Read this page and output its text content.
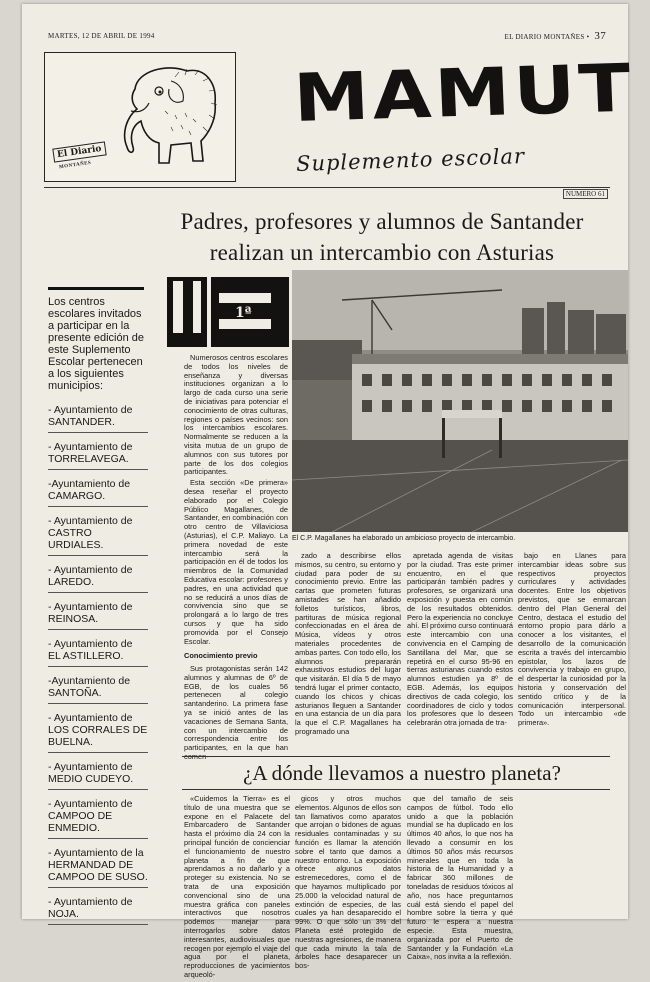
MARTES, 12 DE ABRIL DE 1994	EL DIARIO MONTAÑES • 37
El Diario
MONTAÑES
MAMUT
Suplemento escolar
NUMERO 61
Padres, profesores y alumnos de Santander
realizan un intercambio con Asturias
Los centros escolares invitados a participar en la presente edición de este Suplemento Escolar pertenecen a los siguientes municipios:
- Ayuntamiento de SANTANDER.
- Ayuntamiento de TORRELAVEGA.
-Ayuntamiento de CAMARGO.
- Ayuntamiento de CASTRO URDIALES.
- Ayuntamiento de LAREDO.
- Ayuntamiento de REINOSA.
- Ayuntamiento de EL ASTILLERO.
-Ayuntamiento de SANTOÑA.
- Ayuntamiento de LOS CORRALES DE BUELNA.
- Ayuntamiento de MEDIO CUDEYO.
- Ayuntamiento de CAMPOO DE ENMEDIO.
- Ayuntamiento de la HERMANDAD DE CAMPOO DE SUSO.
- Ayuntamiento de NOJA.
1ª
El C.P. Magallanes ha elaborado un ambicioso proyecto de intercambio.

Numerosos centros escolares de todos los niveles de enseñanza y diversas instituciones organizan a lo largo de cada curso una serie de iniciativas para potenciar el conocimiento de otras culturas, regiones o países vecinos: son los intercambios escolares. Normalmente se reducen a la visita mutua de un grupo de alumnos con sus tutores por parte de los dos colegios participantes.

Esta sección «De primera» desea reseñar el proyecto elaborado por el Colegio Público Magallanes, de Santander, en combinación con otro centro de Villaviciosa (Asturias), el C.P. Maliayo. La primera novedad de este intercambio será la participación en él de todos los miembros de la Comunidad Educativa escolar: profesores y padres, en una actividad que no se reducirá a unos días de convivencia sino que se prolongará a lo largo de tres cursos y que ha sido promovida por el Consejo Escolar.

Conocimiento previo

Sus protagonistas serán 142 alumnos y alumnas de 6º de EGB, de los cuales 56 pertenecen al colegio santanderino. La primera fase ya se inició antes de las vacaciones de Semana Santa, con un intercambio de correspondencia entre los participantes, en la que han comen-

zado a describirse ellos mismos, su centro, su entorno y ciudad para poder de su conocimiento previo. Entre las cartas que prometen futuras amistades se han añadido folletos turísticos, libros, partituras de música regional confeccionadas en el área de Música, vídeos y otros materiales procedentes de ambas partes. Con todo ello, los alumnos prepararán exhaustivos estudios del lugar que visitarán. El día 5 de mayo tendrá lugar el primer contacto, cuando los chicos y chicas asturianos lleguen a Santander en una estancia de un día para la que el C.P. Magallanes ha programado una

apretada agenda de visitas por la ciudad. Tras este primer encuentro, en el que participarán también padres y profesores, se organizará una exposición y puesta en común de los resultados obtenidos. Pero la experiencia no concluye ahí. El próximo curso continuará este intercambio con una convivencia en el Camping de Santillana del Mar, que se repetirá en el curso 95-96 en tierras asturianas cuando estos alumnos estudien ya 8º de EGB. Además, los equipos directivos de cada colegio, los coordinadores de ciclo y todos los profesores que lo deseen celebrarán otra jornada de tra-

bajo en Llanes para intercambiar ideas sobre sus respectivos proyectos curriculares y actividades docentes. Entre los objetivos previstos, que se enmarcan dentro del Plan General del Centro, destaca el estudio del entorno propio para dárlo a conocer a los visitantes, el desarrollo de la comunicación escrita a través del intercambio epistolar, los lazos de convivencia y trabajo en grupo, el despertar la curiosidad por la historia y conservación del sentido crítico y de la comunicación interpersonal. Todo un intercambio «de primera».

¿A dónde llevamos a nuestro planeta?

«Cuidemos la Tierra» es el título de una muestra que se expone en el Palacete del Embarcadero de Santander hasta el próximo día 24 con la principal función de concienciar el funcionamiento de nuestro planeta a fin de que aprendamos a no dañarlo y a proteger su existencia. No se trata de una exposición convencional sino de una muestra gráfica con paneles interactivos que nosotros podemos manejar para interrogarlos sobre datos interesantes, audiovisuales que recogen por ejemplo el viaje del agua por el planeta, reproducciones de yacimientos arqueoló-

gicos y otros muchos elementos. Algunos de ellos son tan llamativos como aparatos que arrojan o bidones de aguas residuales contaminadas y su función es llamar la atención sobre el tanto que damos a nuestro entorno. La exposición ofrece algunos datos estremecedores, como el de que hayamos multiplicado por 25.000 la velocidad natural de extinción de especies, de las cuales ya han desaparecido el 99%. O que sólo un 3% del Planeta esté protegido de nuestras agresiones, de manera que cada minuto la tala de árboles hace desaparecer un bos-

que del tamaño de seis campos de fútbol. Todo ello unido a que la población mundial se ha duplicado en los últimos 40 años, lo que nos ha llevado a consumir en los últimos 50 años más recursos minerales que en toda la historia de la Humanidad y a fabricar 360 millones de toneladas de residuos tóxicos al año, nos hace preguntarnos cuál está siendo el papel del hombre sobre la tierra y qué futuro le espera a nuestra especie. Esta muestra, organizada por el Puerto de Santander y la Fundación «La Caixa», nos invita a la reflexión.
